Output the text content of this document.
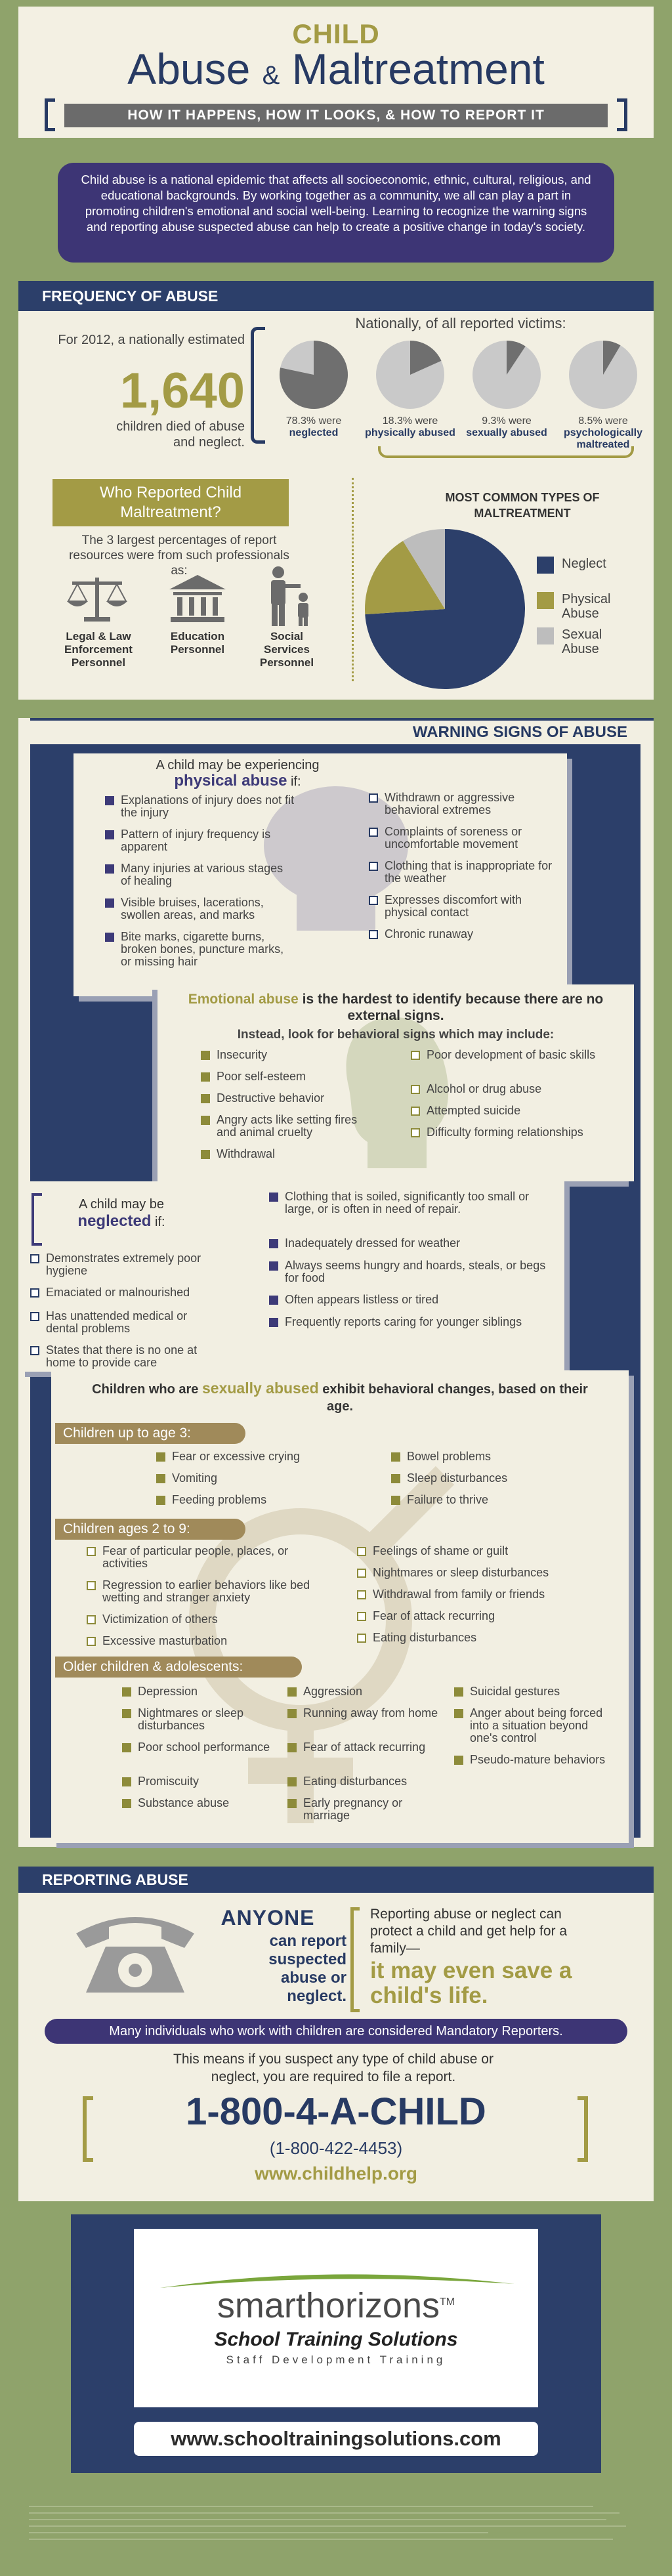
CHILD
Abuse & Maltreatment
HOW IT HAPPENS, HOW IT LOOKS, & HOW TO REPORT IT
Child abuse is a national epidemic that affects all socioeconomic, ethnic, cultural, religious, and educational backgrounds. By working together as a community, we all can play a part in promoting children's emotional and social well-being. Learning to recognize the warning signs and reporting abuse suspected abuse can help to create a positive change in today's society.
FREQUENCY OF ABUSE
For 2012, a nationally estimated
1,640
children died of abuse and neglect.
Nationally, of all reported victims:
78.3% were
neglected
18.3% were
physically abused
9.3% were
sexually abused
8.5% were
psychologically maltreated
Who Reported Child Maltreatment?
The 3 largest percentages of report resources were from such professionals as:
Legal & Law Enforcement Personnel
Education Personnel
Social Services Personnel
MOST COMMON TYPES OF MALTREATMENT
Neglect
Physical Abuse
Sexual Abuse
WARNING SIGNS OF ABUSE
A child may be experiencing
physical abuse if:
Explanations of injury does not fit the injury
Pattern of injury frequency is apparent
Many injuries at various stages of healing
Visible bruises, lacerations, swollen areas, and marks
Bite marks, cigarette burns, broken bones, puncture marks, or missing hair
Withdrawn or aggressive behavioral extremes
Complaints of soreness or uncomfortable movement
Clothing that is inappropriate for the weather
Expresses discomfort with physical contact
Chronic runaway
Emotional abuse is the hardest to identify because there are no external signs.
Instead, look for behavioral signs which may include:
Insecurity
Poor self-esteem
Destructive behavior
Angry acts like setting fires and animal cruelty
Withdrawal
Poor development of basic skills
Alcohol or drug abuse
Attempted suicide
Difficulty forming relationships
A child may be
neglected if:
Demonstrates extremely poor hygiene
Emaciated or malnourished
Has unattended medical or dental problems
States that there is no one at home to provide care
Clothing that is soiled, significantly too small or large, or is often in need of repair.
Inadequately dressed for weather
Always seems hungry and hoards, steals, or begs for food
Often appears listless or tired
Frequently reports caring for younger siblings
Children who are sexually abused exhibit behavioral changes, based on their age.
Children up to age 3:
Fear or excessive crying
Vomiting
Feeding problems
Bowel problems
Sleep disturbances
Failure to thrive
Children ages 2 to 9:
Fear of particular people, places, or activities
Regression to earlier behaviors like bed wetting and stranger anxiety
Victimization of others
Excessive masturbation
Feelings of shame or guilt
Nightmares or sleep disturbances
Withdrawal from family or friends
Fear of attack recurring
Eating disturbances
Older children & adolescents:
Depression
Nightmares or sleep disturbances
Poor school performance
Promiscuity
Substance abuse
Aggression
Running away from home
Fear of attack recurring
Eating disturbances
Early pregnancy or marriage
Suicidal gestures
Anger about being forced into a situation beyond one's control
Pseudo-mature behaviors
REPORTING ABUSE
ANYONE
can report suspected abuse or neglect.
Reporting abuse or neglect can protect a child and get help for a family—
it may even save a child's life.
Many individuals who work with children are considered Mandatory Reporters.
This means if you suspect any type of child abuse or neglect, you are required to file a report.
1-800-4-A-CHILD
(1-800-422-4453)
www.childhelp.org
smarthorizons™
School Training Solutions
Staff Development Training
www.schooltrainingsolutions.com
